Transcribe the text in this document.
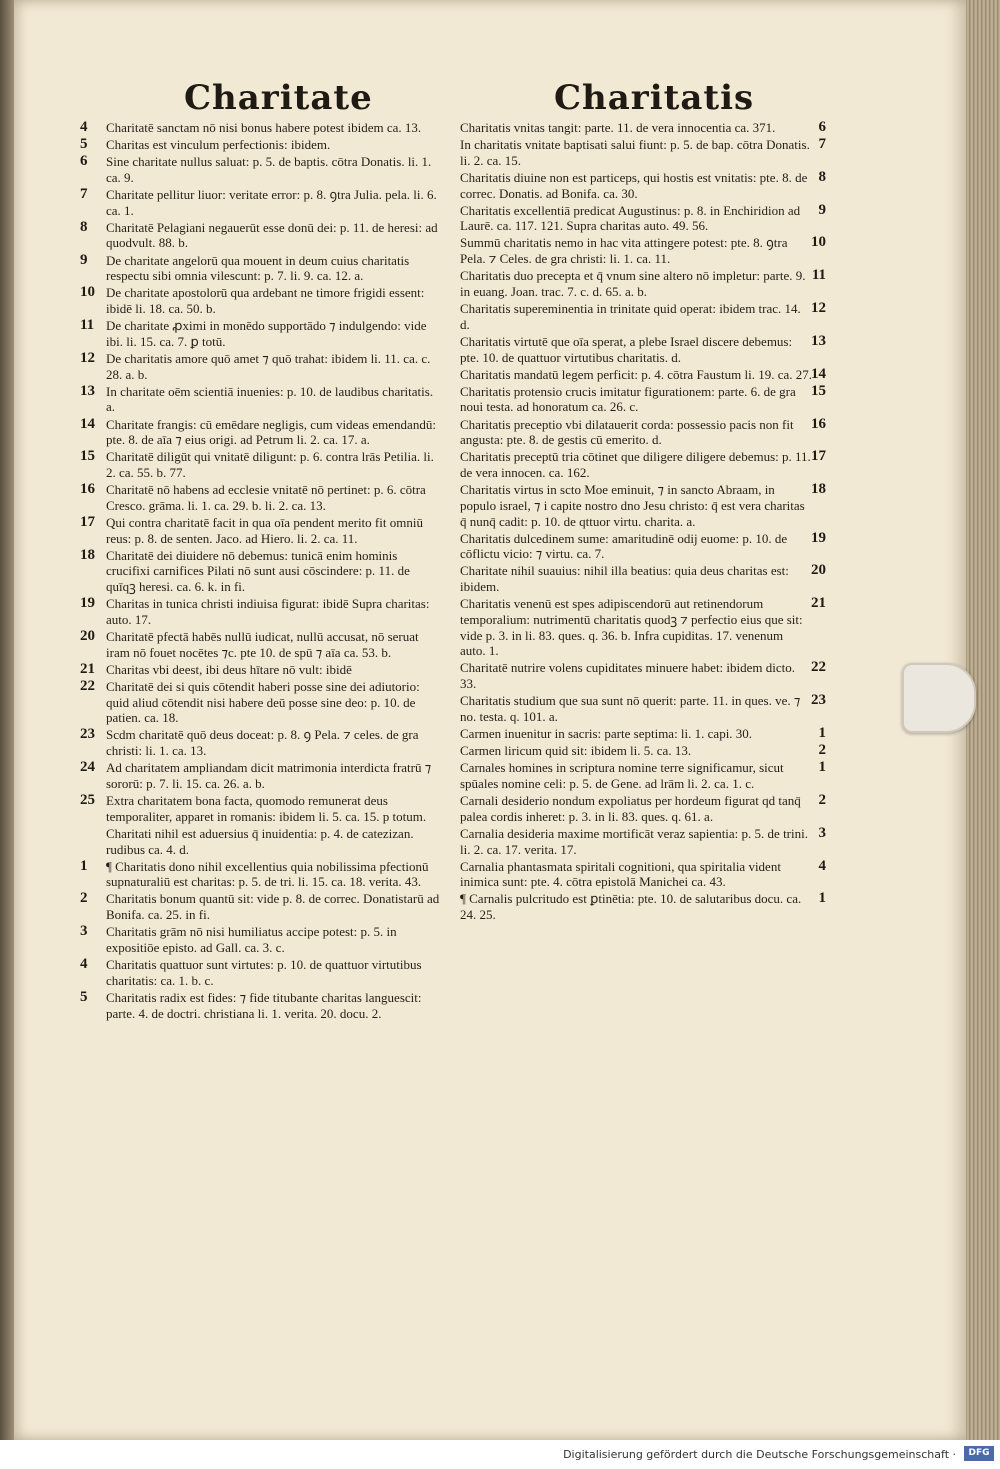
Charitate	Charitatis
4 Charitatē sanctam nō nisi bonus habere potest ibidem ca. 13.
5 Charitas est vinculum perfectionis: ibidem.
6 Sine charitate nullus saluat: p. 5. de baptis. cōtra Donatis. li. 1. ca. 9.
7 Charitate pellitur liuor: veritate error: p. 8. ꝯtra Julia. pela. li. 6. ca. 1.
8 Charitatē Pelagiani negauerūt esse donū dei: p. 11. de heresi: ad quodvult. 88. b.
9 De charitate angelorū qua mouent in deum cuius charitatis respectu sibi omnia vilescunt: p. 7. li. 9. ca. 12. a.
10 De charitate apostolorū qua ardebant ne timore frigidi essent: ibidē li. 18. ca. 50. b.
11 De charitate ꝓximi in monēdo supportādo ⁊ indulgendo: vide ibi. li. 15. ca. 7. ꝑ totū.
12 De charitatis amore quō amet ⁊ quō trahat: ibidem li. 11. ca. c. 28. a. b.
13 In charitate oēm scientiā inuenies: p. 10. de laudibus charitatis. a.
14 Charitate frangis: cū emēdare negligis, cum videas emendandū: pte. 8. de aīa ⁊ eius origi. ad Petrum li. 2. ca. 17. a.
15 Charitatē diligūt qui vnitatē diligunt: p. 6. contra lrās Petilia. li. 2. ca. 55. b. 77.
16 Charitatē nō habens ad ecclesie vnitatē nō pertinet: p. 6. cōtra Cresco. grāma. li. 1. ca. 29. b. li. 2. ca. 13.
17 Qui contra charitatē facit in qua oīa pendent merito fit omniū reus: p. 8. de senten. Jaco. ad Hiero. li. 2. ca. 11.
18 Charitatē dei diuidere nō debemus: tunicā enim hominis crucifixi carnifices Pilati nō sunt ausi cōscindere: p. 11. de quīqꝫ heresi. ca. 6. k. in fi.
19 Charitas in tunica christi indiuisa figurat: ibidē Supra charitas: auto. 17.
20 Charitatē pfectā habēs nullū iudicat, nullū accusat, nō seruat iram nō fouet nocētes ⁊c. pte 10. de spū ⁊ aīa ca. 53. b.
21 Charitas vbi deest, ibi deus hītare nō vult: ibidē
22 Charitatē dei si quis cōtendit haberi posse sine dei adiutorio: quid aliud cōtendit nisi habere deū posse sine deo: p. 10. de patien. ca. 18.
23 Scdm charitatē quō deus doceat: p. 8. ꝯ Pela. ⁊ celes. de gra christi: li. 1. ca. 13.
24 Ad charitatem ampliandam dicit matrimonia interdicta fratrū ⁊ sororū: p. 7. li. 15. ca. 26. a. b.
25 Extra charitatem bona facta, quomodo remunerat deus temporaliter, apparet in romanis: ibidem li. 5. ca. 15. p totum.
Charitati nihil est aduersius q̄ inuidentia: p. 4. de catezizan. rudibus ca. 4. d.
1 ¶ Charitatis dono nihil excellentius quia nobilissima pfectionū supnaturaliū est charitas: p. 5. de tri. li. 15. ca. 18. verita. 43.
2 Charitatis bonum quantū sit: vide p. 8. de correc. Donatistarū ad Bonifa. ca. 25. in fi.
3 Charitatis grām nō nisi humiliatus accipe potest: p. 5. in expositiōe episto. ad Gall. ca. 3. c.
4 Charitatis quattuor sunt virtutes: p. 10. de quattuor virtutibus charitatis: ca. 1. b. c.
5 Charitatis radix est fides: ⁊ fide titubante charitas languescit: parte. 4. de doctri. christiana li. 1. verita. 20. docu. 2.
6
Charitatis vnitas tangit: parte. 11. de vera innocentia ca. 371.
7
In charitatis vnitate baptisati salui fiunt: p. 5. de bap. cōtra Donatis. li. 2. ca. 15.
8
Charitatis diuine non est particeps, qui hostis est vnitatis: pte. 8. de correc. Donatis. ad Bonifa. ca. 30.
9
Charitatis excellentiā predicat Augustinus: p. 8. in Enchiridion ad Laurē. ca. 117. 121. Supra charitas auto. 49. 56.
10
Summū charitatis nemo in hac vita attingere potest: pte. 8. ꝯtra Pela. ⁊ Celes. de gra christi: li. 1. ca. 11.
11
Charitatis duo precepta et q̄ vnum sine altero nō impletur: parte. 9. in euang. Joan. trac. 7. c. d. 65. a. b.
12
Charitatis supereminentia in trinitate quid operat: ibidem trac. 14. d.
13
Charitatis virtutē que oīa sperat, a plebe Israel discere debemus: pte. 10. de quattuor virtutibus charitatis. d.
14
Charitatis mandatū legem perficit: p. 4. cōtra Faustum li. 19. ca. 27.
15
Charitatis protensio crucis imitatur figurationem: parte. 6. de gra noui testa. ad honoratum ca. 26. c.
16
Charitatis preceptio vbi dilatauerit corda: possessio pacis non fit angusta: pte. 8. de gestis cū emerito. d.
17
Charitatis preceptū tria cōtinet que diligere diligere debemus: p. 11. de vera innocen. ca. 162.
18
Charitatis virtus in scto Moe eminuit, ⁊ in sancto Abraam, in populo israel, ⁊ i capite nostro dno Jesu christo: q̄ est vera charitas q̄ nunq̄ cadit: p. 10. de qttuor virtu. charita. a.
19
Charitatis dulcedinem sume: amaritudinē odij euome: p. 10. de cōflictu vicio: ⁊ virtu. ca. 7.
20
Charitate nihil suauius: nihil illa beatius: quia deus charitas est: ibidem.
21
Charitatis venenū est spes adipiscendorū aut retinendorum temporalium: nutrimentū charitatis quodꝫ ⁊ perfectio eius que sit: vide p. 3. in li. 83. ques. q. 36. b. Infra cupiditas. 17. venenum auto. 1.
22
Charitatē nutrire volens cupiditates minuere habet: ibidem dicto. 33.
23
Charitatis studium que sua sunt nō querit: parte. 11. in ques. ve. ⁊ no. testa. q. 101. a.
1
Carmen inuenitur in sacris: parte septima: li. 1. capi. 30.
2
Carmen liricum quid sit: ibidem li. 5. ca. 13.
1
Carnales homines in scriptura nomine terre significamur, sicut spūales nomine celi: p. 5. de Gene. ad lrām li. 2. ca. 1. c.
2
Carnali desiderio nondum expoliatus per hordeum figurat qd tanq̄ palea cordis inheret: p. 3. in li. 83. ques. q. 61. a.
3
Carnalia desideria maxime mortificāt veraz sapientia: p. 5. de trini. li. 2. ca. 17. verita. 17.
4
Carnalia phantasmata spiritali cognitioni, qua spiritalia vident inimica sunt: pte. 4. cōtra epistolā Manichei ca. 43.
1
¶ Carnalis pulcritudo est ꝑtinētia: pte. 10. de salutaribus docu. ca. 24. 25.
Digitalisierung gefördert durch die Deutsche Forschungsgemeinschaft ·	DFG
